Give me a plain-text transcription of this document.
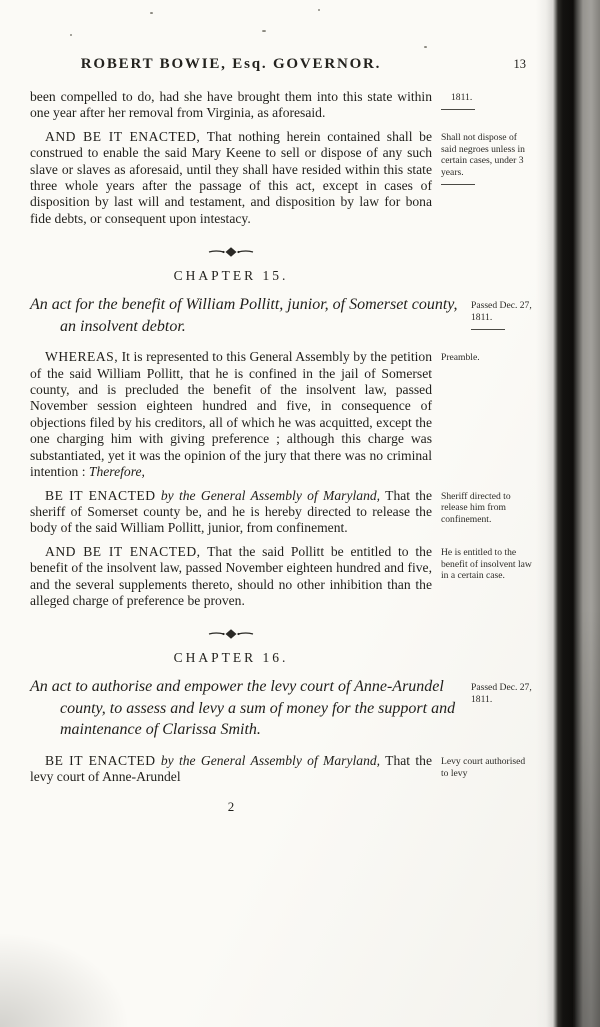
ROBERT BOWIE, Esq. GOVERNOR.	13

been compelled to do, had she have brought them into this state within one year after her removal from Virginia, as aforesaid.

1811.

AND BE IT ENACTED, That nothing herein contained shall be construed to enable the said Mary Keene to sell or dispose of any such slave or slaves as aforesaid, until they shall have resided within this state three whole years after the passage of this act, except in cases of disposition by last will and testament, and disposition by law for bona fide debts, or consequent upon intestacy.

Shall not dispose of said negroes unless in certain cases, under 3 years.
CHAPTER 15.

An act for the benefit of William Pollitt, junior, of Somerset county, an insolvent debtor.

Passed Dec. 27, 1811.

WHEREAS, It is represented to this General Assembly by the petition of the said William Pollitt, that he is confined in the jail of Somerset county, and is precluded the benefit of the insolvent law, passed November session eighteen hundred and five, in consequence of objections filed by his creditors, all of which he was acquitted, except the one charging him with giving preference ; although this charge was substantiated, yet it was the opinion of the jury that there was no criminal intention : Therefore,

Preamble.

BE IT ENACTED by the General Assembly of Maryland, That the sheriff of Somerset county be, and he is hereby directed to release the body of the said William Pollitt, junior, from confinement.

Sheriff directed to release him from confinement.

AND BE IT ENACTED, That the said Pollitt be entitled to the benefit of the insolvent law, passed November eighteen hundred and five, and the several supplements thereto, should no other inhibition than the alleged charge of preference be proven.

He is entitled to the benefit of insolvent law in a certain case.
CHAPTER 16.

An act to authorise and empower the levy court of Anne-Arundel county, to assess and levy a sum of money for the support and maintenance of Clarissa Smith.

Passed Dec. 27, 1811.

BE IT ENACTED by the General Assembly of Maryland, That the levy court of Anne-Arundel

Levy court authorised to levy
2
